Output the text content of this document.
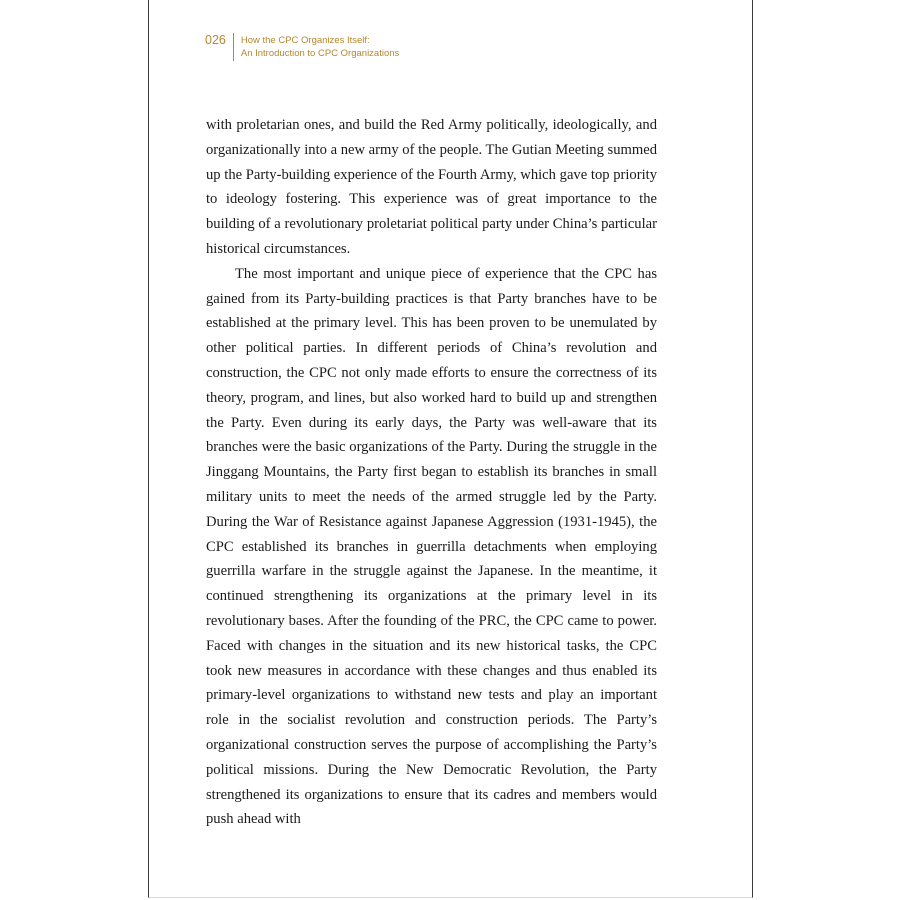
026	How the CPC Organizes Itself:
An Introduction to CPC Organizations

with proletarian ones, and build the Red Army politically, ideologically, and organizationally into a new army of the people. The Gutian Meeting summed up the Party-building experience of the Fourth Army, which gave top priority to ideology fostering. This experience was of great importance to the building of a revolutionary proletariat political party under China’s particular historical circumstances.

The most important and unique piece of experience that the CPC has gained from its Party-building practices is that Party branches have to be established at the primary level. This has been proven to be unemulated by other political parties. In different periods of China’s revolution and construction, the CPC not only made efforts to ensure the correctness of its theory, program, and lines, but also worked hard to build up and strengthen the Party. Even during its early days, the Party was well-aware that its branches were the basic organizations of the Party. During the struggle in the Jinggang Mountains, the Party first began to establish its branches in small military units to meet the needs of the armed struggle led by the Party. During the War of Resistance against Japanese Aggression (1931-1945), the CPC established its branches in guerrilla detachments when employing guerrilla warfare in the struggle against the Japanese. In the meantime, it continued strengthening its organizations at the primary level in its revolutionary bases. After the founding of the PRC, the CPC came to power. Faced with changes in the situation and its new historical tasks, the CPC took new measures in accordance with these changes and thus enabled its primary-level organizations to withstand new tests and play an important role in the socialist revolution and construction periods. The Party’s organizational construction serves the purpose of accomplishing the Party’s political missions. During the New Democratic Revolution, the Party strengthened its organizations to ensure that its cadres and members would push ahead with
